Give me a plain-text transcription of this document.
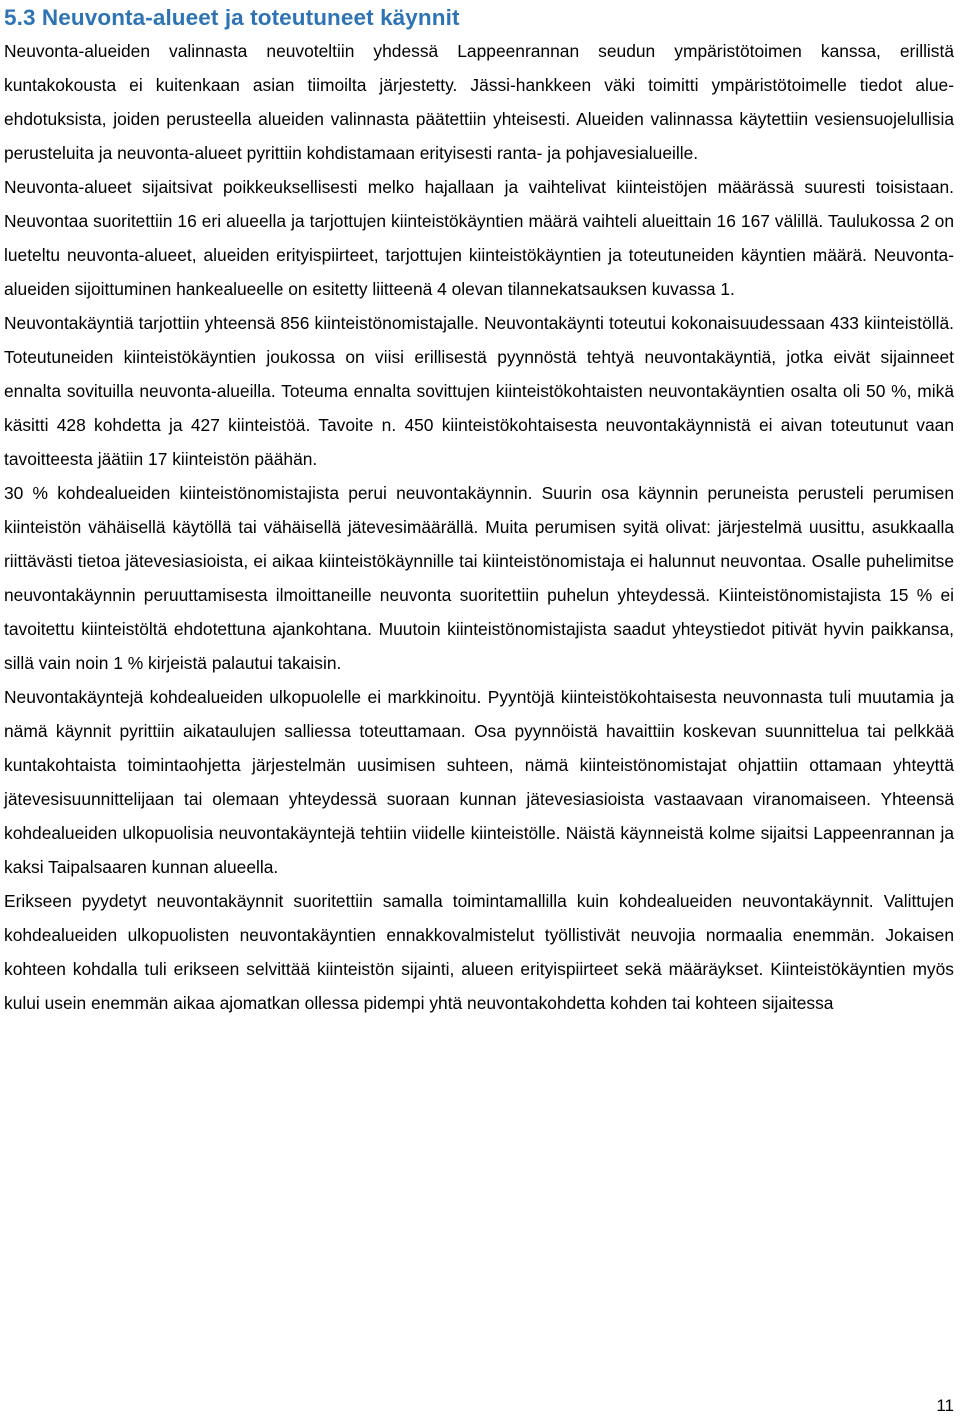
5.3 Neuvonta-alueet ja toteutuneet käynnit

Neuvonta-alueiden valinnasta neuvoteltiin yhdessä Lappeenrannan seudun ympäristötoimen kanssa, erillistä kuntakokousta ei kuitenkaan asian tiimoilta järjestetty. Jässi-hankkeen väki toimitti ympäristötoimelle tiedot alue-ehdotuksista, joiden perusteella alueiden valinnasta päätettiin yhteisesti. Alueiden valinnassa käytettiin vesiensuojelullisia perusteluita ja neuvonta-alueet pyrittiin kohdistamaan erityisesti ranta- ja pohjavesialueille.

Neuvonta-alueet sijaitsivat poikkeuksellisesti melko hajallaan ja vaihtelivat kiinteistöjen määrässä suuresti toisistaan. Neuvontaa suoritettiin 16 eri alueella ja tarjottujen kiinteistökäyntien määrä vaihteli alueittain 16 167 välillä. Taulukossa 2 on lueteltu neuvonta-alueet, alueiden erityispiirteet, tarjottujen kiinteistökäyntien ja toteutuneiden käyntien määrä. Neuvonta-alueiden sijoittuminen hankealueelle on esitetty liitteenä 4 olevan tilannekatsauksen kuvassa 1.

Neuvontakäyntiä tarjottiin yhteensä 856 kiinteistönomistajalle. Neuvontakäynti toteutui kokonaisuudessaan 433 kiinteistöllä. Toteutuneiden kiinteistökäyntien joukossa on viisi erillisestä pyynnöstä tehtyä neuvontakäyntiä, jotka eivät sijainneet ennalta sovituilla neuvonta-alueilla. Toteuma ennalta sovittujen kiinteistökohtaisten neuvontakäyntien osalta oli 50 %, mikä käsitti 428 kohdetta ja 427 kiinteistöä. Tavoite n. 450 kiinteistökohtaisesta neuvontakäynnistä ei aivan toteutunut vaan tavoitteesta jäätiin 17 kiinteistön päähän.

30 % kohdealueiden kiinteistönomistajista perui neuvontakäynnin. Suurin osa käynnin peruneista perusteli perumisen kiinteistön vähäisellä käytöllä tai vähäisellä jätevesimäärällä. Muita perumisen syitä olivat: järjestelmä uusittu, asukkaalla riittävästi tietoa jätevesiasioista, ei aikaa kiinteistökäynnille tai kiinteistönomistaja ei halunnut neuvontaa. Osalle puhelimitse neuvontakäynnin peruuttamisesta ilmoittaneille neuvonta suoritettiin puhelun yhteydessä. Kiinteistönomistajista 15 % ei tavoitettu kiinteistöltä ehdotettuna ajankohtana. Muutoin kiinteistönomistajista saadut yhteystiedot pitivät hyvin paikkansa, sillä vain noin 1 % kirjeistä palautui takaisin.

Neuvontakäyntejä kohdealueiden ulkopuolelle ei markkinoitu. Pyyntöjä kiinteistökohtaisesta neuvonnasta tuli muutamia ja nämä käynnit pyrittiin aikataulujen salliessa toteuttamaan. Osa pyynnöistä havaittiin koskevan suunnittelua tai pelkkää kuntakohtaista toimintaohjetta järjestelmän uusimisen suhteen, nämä kiinteistönomistajat ohjattiin ottamaan yhteyttä jätevesisuunnittelijaan tai olemaan yhteydessä suoraan kunnan jätevesiasioista vastaavaan viranomaiseen. Yhteensä kohdealueiden ulkopuolisia neuvontakäyntejä tehtiin viidelle kiinteistölle. Näistä käynneistä kolme sijaitsi Lappeenrannan ja kaksi Taipalsaaren kunnan alueella.

Erikseen pyydetyt neuvontakäynnit suoritettiin samalla toimintamallilla kuin kohdealueiden neuvontakäynnit. Valittujen kohdealueiden ulkopuolisten neuvontakäyntien ennakkovalmistelut työllistivät neuvojia normaalia enemmän. Jokaisen kohteen kohdalla tuli erikseen selvittää kiinteistön sijainti, alueen erityispiirteet sekä määräykset. Kiinteistökäyntien myös kului usein enemmän aikaa ajomatkan ollessa pidempi yhtä neuvontakohdetta kohden tai kohteen sijaitessa

11
